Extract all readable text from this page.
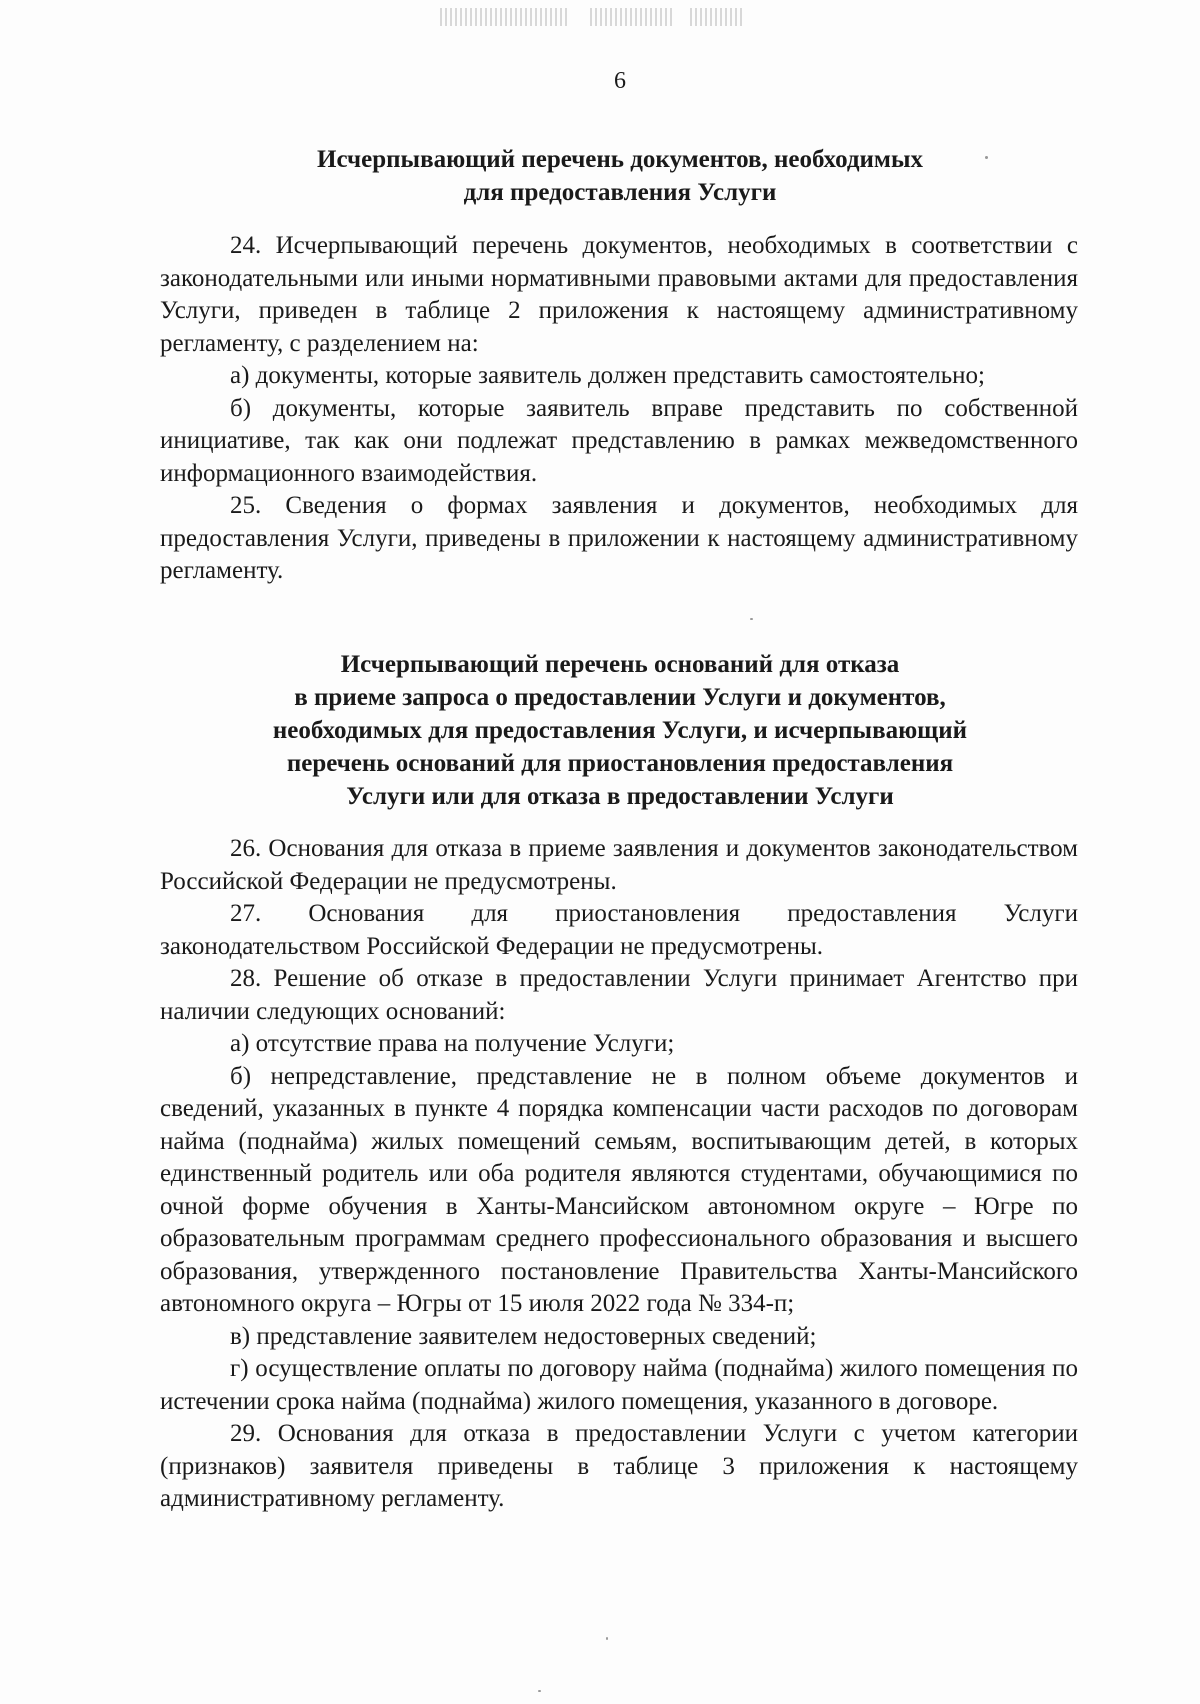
6
Исчерпывающий перечень документов, необходимых
для предоставления Услуги

24. Исчерпывающий перечень документов, необходимых в соответствии с законодательными или иными нормативными правовыми актами для предоставления Услуги, приведен в таблице 2 приложения к настоящему административному регламенту, с разделением на:

а) документы, которые заявитель должен представить самостоятельно;

б) документы, которые заявитель вправе представить по собственной инициативе, так как они подлежат представлению в рамках межведомственного информационного взаимодействия.

25. Сведения о формах заявления и документов, необходимых для предоставления Услуги, приведены в приложении к настоящему административному регламенту.

Исчерпывающий перечень оснований для отказа
в приеме запроса о предоставлении Услуги и документов,
необходимых для предоставления Услуги, и исчерпывающий
перечень оснований для приостановления предоставления
Услуги или для отказа в предоставлении Услуги

26. Основания для отказа в приеме заявления и документов законодательством Российской Федерации не предусмотрены.

27. Основания для приостановления предоставления Услуги законодательством Российской Федерации не предусмотрены.

28. Решение об отказе в предоставлении Услуги принимает Агентство при наличии следующих оснований:

а) отсутствие права на получение Услуги;

б) непредставление, представление не в полном объеме документов и сведений, указанных в пункте 4 порядка компенсации части расходов по договорам найма (поднайма) жилых помещений семьям, воспитывающим детей, в которых единственный родитель или оба родителя являются студентами, обучающимися по очной форме обучения в Ханты-Мансийском автономном округе – Югре по образовательным программам среднего профессионального образования и высшего образования, утвержденного постановление Правительства Ханты-Мансийского автономного округа – Югры от 15 июля 2022 года № 334-п;

в) представление заявителем недостоверных сведений;

г) осуществление оплаты по договору найма (поднайма) жилого помещения по истечении срока найма (поднайма) жилого помещения, указанного в договоре.

29. Основания для отказа в предоставлении Услуги с учетом категории (признаков) заявителя приведены в таблице 3 приложения к настоящему административному регламенту.
